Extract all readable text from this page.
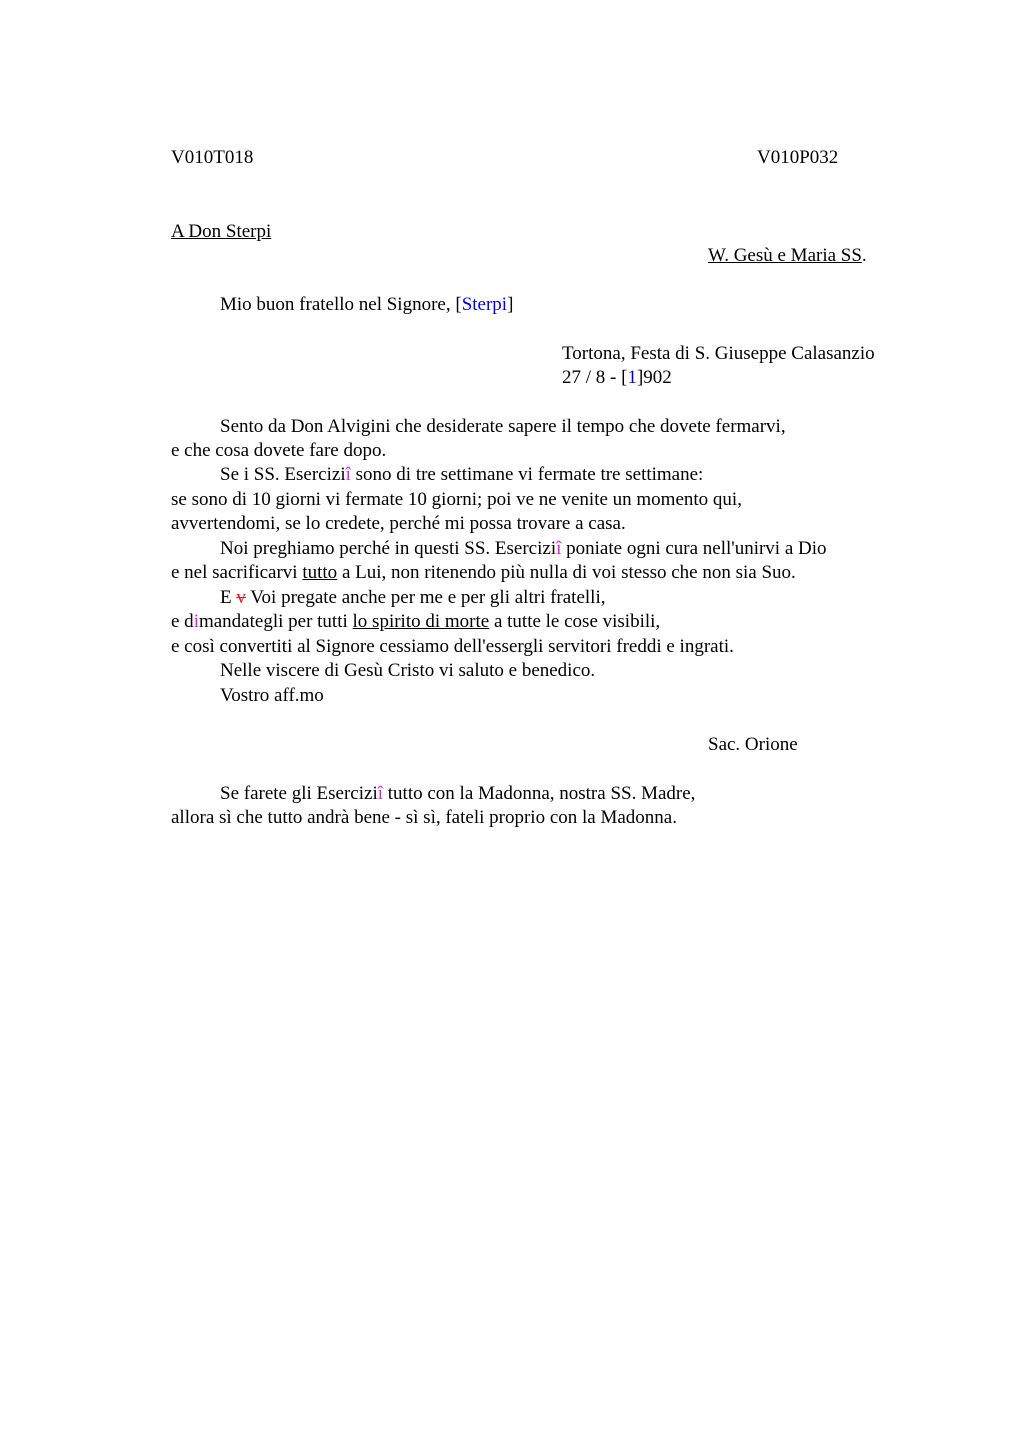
V010T018	V010P032
A Don Sterpi
W. Gesù e Maria SS.
Mio buon fratello nel Signore, [Sterpi]
Tortona, Festa di S. Giuseppe Calasanzio
27 / 8 - [1]902
Sento da Don Alvigini che desiderate sapere il tempo che dovete fermarvi,
e che cosa dovete fare dopo.
Se i SS. Eserciziî sono di tre settimane vi fermate tre settimane:
se sono di 10 giorni vi fermate 10 giorni; poi ve ne venite un momento qui,
avvertendomi, se lo credete, perché mi possa trovare a casa.
Noi preghiamo perché in questi SS. Eserciziî poniate ogni cura nell'unirvi a Dio
e nel sacrificarvi tutto a Lui, non ritenendo più nulla di voi stesso che non sia Suo.
E v Voi pregate anche per me e per gli altri fratelli,
e dimandategli per tutti lo spirito di morte a tutte le cose visibili,
e così convertiti al Signore cessiamo dell'essergli servitori freddi e ingrati.
Nelle viscere di Gesù Cristo vi saluto e benedico.
Vostro aff.mo
Sac. Orione
Se farete gli Eserciziî tutto con la Madonna, nostra SS. Madre,
allora sì che tutto andrà bene - sì sì, fateli proprio con la Madonna.
